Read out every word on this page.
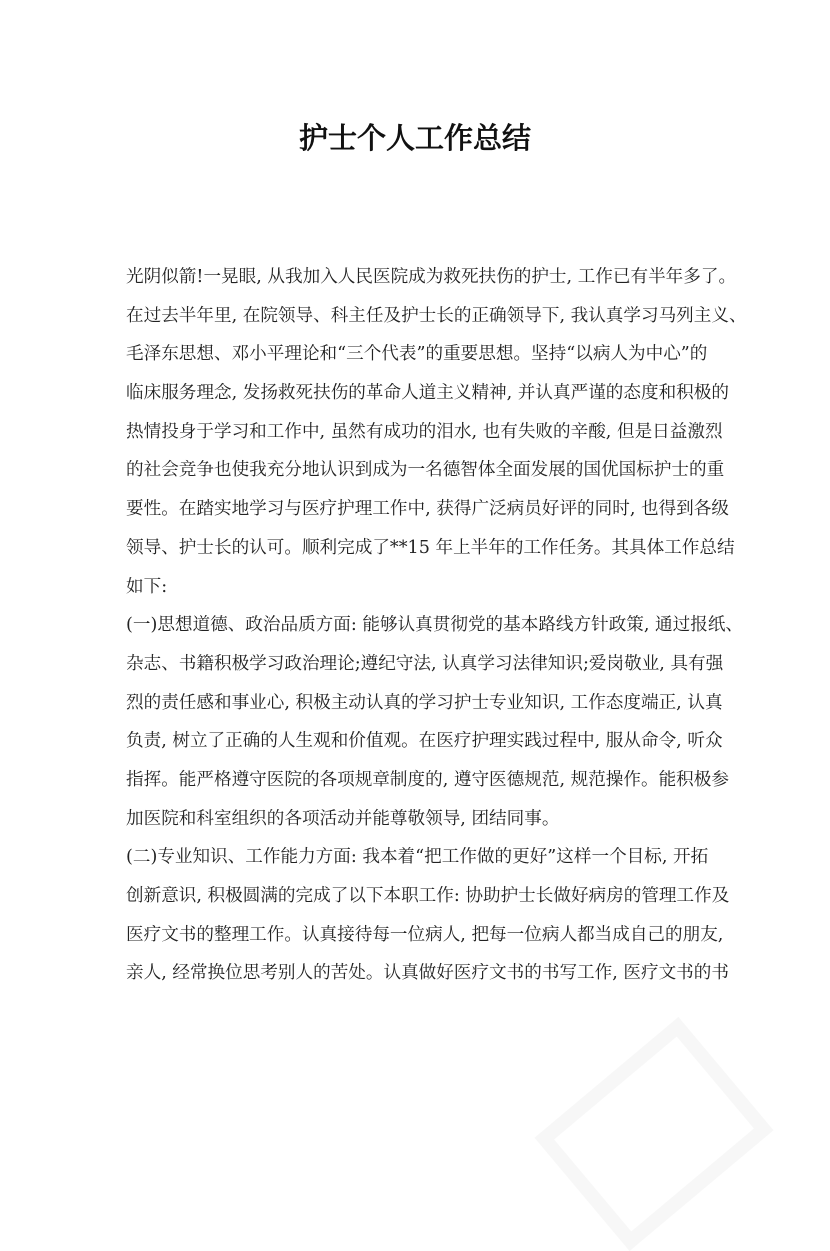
护士个人工作总结
光阴似箭!一晃眼, 从我加入人民医院成为救死扶伤的护士, 工作已有半年多了。
在过去半年里, 在院领导、科主任及护士长的正确领导下, 我认真学习马列主义、
毛泽东思想、邓小平理论和“三个代表”的重要思想。坚持“以病人为中心”的
临床服务理念, 发扬救死扶伤的革命人道主义精神, 并认真严谨的态度和积极的
热情投身于学习和工作中, 虽然有成功的泪水, 也有失败的辛酸, 但是日益激烈
的社会竞争也使我充分地认识到成为一名德智体全面发展的国优国标护士的重
要性。在踏实地学习与医疗护理工作中, 获得广泛病员好评的同时, 也得到各级
领导、护士长的认可。顺利完成了**15 年上半年的工作任务。其具体工作总结
如下:
(一)思想道德、政治品质方面: 能够认真贯彻党的基本路线方针政策, 通过报纸、
杂志、书籍积极学习政治理论;遵纪守法, 认真学习法律知识;爱岗敬业, 具有强
烈的责任感和事业心, 积极主动认真的学习护士专业知识, 工作态度端正, 认真
负责, 树立了正确的人生观和价值观。在医疗护理实践过程中, 服从命令, 听众
指挥。能严格遵守医院的各项规章制度的, 遵守医德规范, 规范操作。能积极参
加医院和科室组织的各项活动并能尊敬领导, 团结同事。
(二)专业知识、工作能力方面: 我本着“把工作做的更好”这样一个目标, 开拓
创新意识, 积极圆满的完成了以下本职工作: 协助护士长做好病房的管理工作及
医疗文书的整理工作。认真接待每一位病人, 把每一位病人都当成自己的朋友,
亲人, 经常换位思考别人的苦处。认真做好医疗文书的书写工作, 医疗文书的书
